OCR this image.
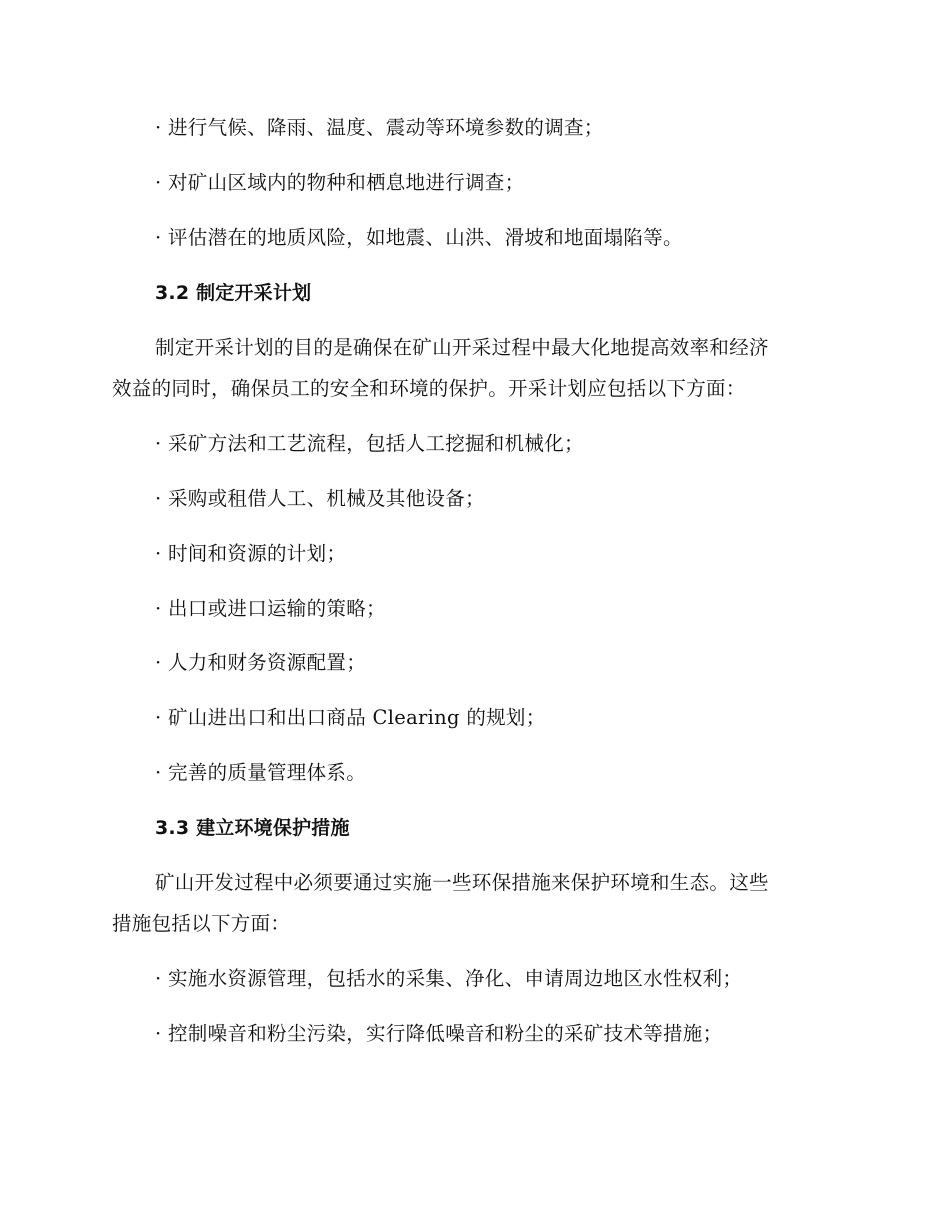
· 进行气候、降雨、温度、震动等环境参数的调查；
· 对矿山区域内的物种和栖息地进行调查；
· 评估潜在的地质风险，如地震、山洪、滑坡和地面塌陷等。
3.2 制定开采计划
制定开采计划的目的是确保在矿山开采过程中最大化地提高效率和经济
效益的同时，确保员工的安全和环境的保护。开采计划应包括以下方面：
· 采矿方法和工艺流程，包括人工挖掘和机械化；
· 采购或租借人工、机械及其他设备；
· 时间和资源的计划；
· 出口或进口运输的策略；
· 人力和财务资源配置；
· 矿山进出口和出口商品 Clearing 的规划；
· 完善的质量管理体系。
3.3 建立环境保护措施
矿山开发过程中必须要通过实施一些环保措施来保护环境和生态。这些
措施包括以下方面：
· 实施水资源管理，包括水的采集、净化、申请周边地区水性权利；
· 控制噪音和粉尘污染，实行降低噪音和粉尘的采矿技术等措施；
